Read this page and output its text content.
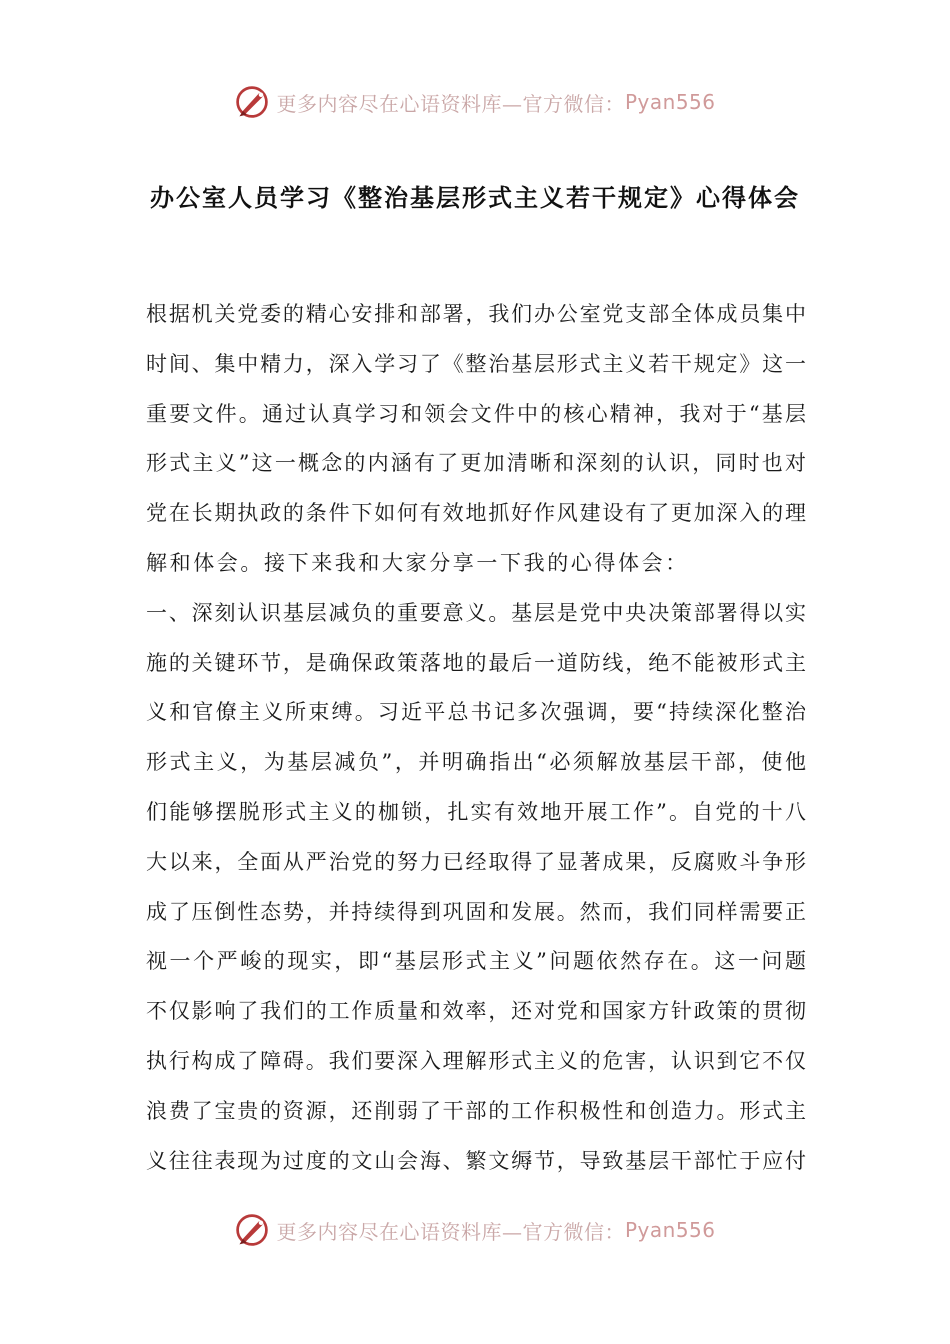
更多内容尽在心语资料库—官方微信： Pyan556
办公室人员学习《整治基层形式主义若干规定》心得体会
根据机关党委的精心安排和部署，我们办公室党支部全体成员集中
时间、集中精力，深入学习了《整治基层形式主义若干规定》这一
重要文件。通过认真学习和领会文件中的核心精神，我对于“基层
形式主义”这一概念的内涵有了更加清晰和深刻的认识，同时也对
党在长期执政的条件下如何有效地抓好作风建设有了更加深入的理
解和体会。接下来我和大家分享一下我的心得体会：
一、深刻认识基层减负的重要意义。基层是党中央决策部署得以实
施的关键环节，是确保政策落地的最后一道防线，绝不能被形式主
义和官僚主义所束缚。习近平总书记多次强调，要“持续深化整治
形式主义，为基层减负”，并明确指出“必须解放基层干部，使他
们能够摆脱形式主义的枷锁，扎实有效地开展工作”。自党的十八
大以来，全面从严治党的努力已经取得了显著成果，反腐败斗争形
成了压倒性态势，并持续得到巩固和发展。然而，我们同样需要正
视一个严峻的现实，即“基层形式主义”问题依然存在。这一问题
不仅影响了我们的工作质量和效率，还对党和国家方针政策的贯彻
执行构成了障碍。我们要深入理解形式主义的危害，认识到它不仅
浪费了宝贵的资源，还削弱了干部的工作积极性和创造力。形式主
义往往表现为过度的文山会海、繁文缛节，导致基层干部忙于应付
更多内容尽在心语资料库—官方微信： Pyan556
